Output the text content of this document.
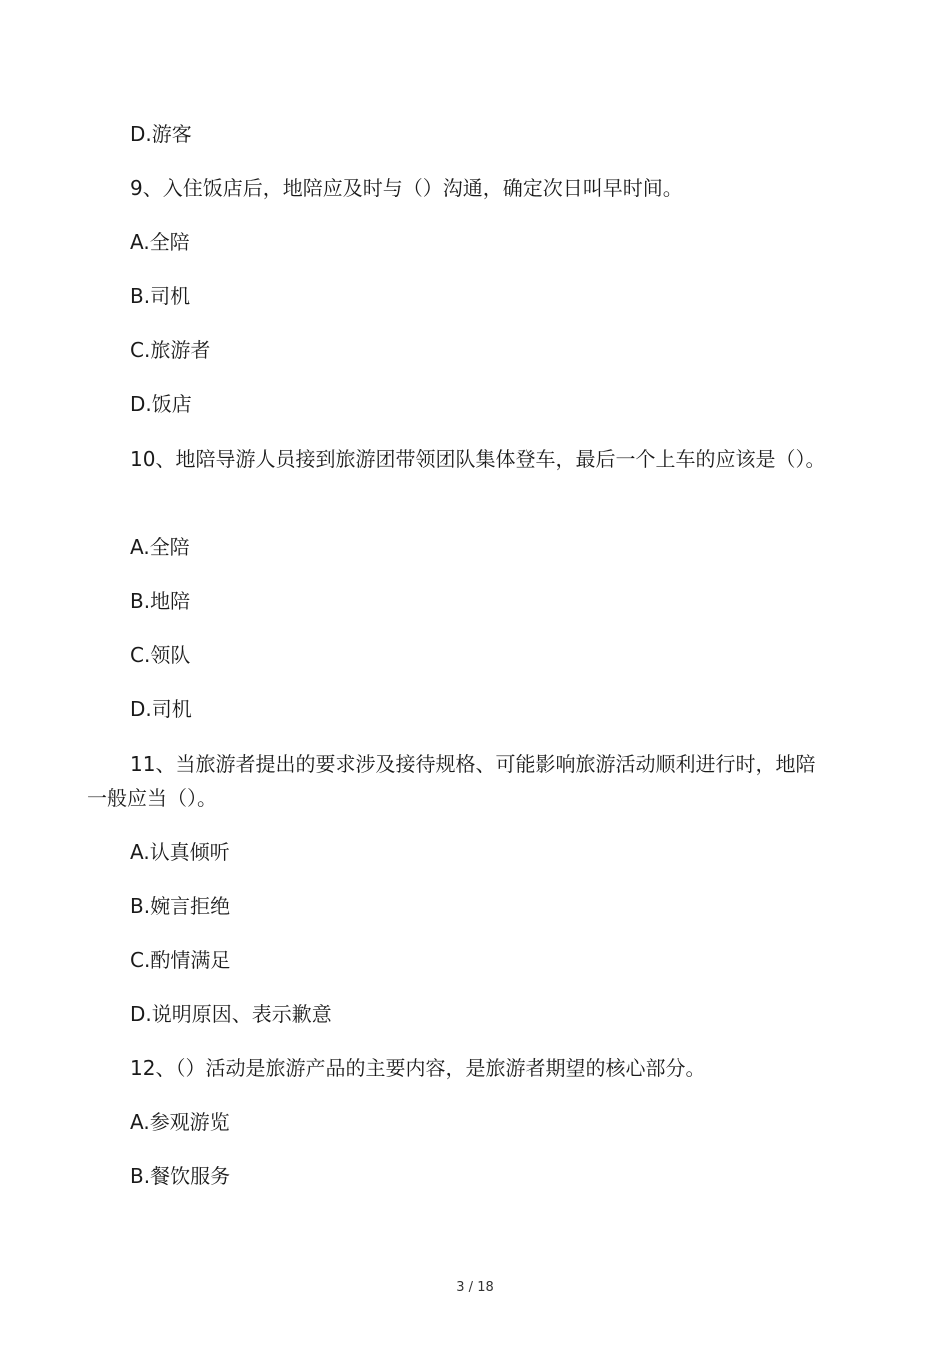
D.游客

9、入住饭店后，地陪应及时与（）沟通，确定次日叫早时间。

A.全陪

B.司机

C.旅游者

D.饭店

10、地陪导游人员接到旅游团带领团队集体登车，最后一个上车的应该是（）。

A.全陪

B.地陪

C.领队

D.司机

11、当旅游者提出的要求涉及接待规格、可能影响旅游活动顺利进行时，地陪一般应当（）。

A.认真倾听

B.婉言拒绝

C.酌情满足

D.说明原因、表示歉意

12、（）活动是旅游产品的主要内容，是旅游者期望的核心部分。

A.参观游览

B.餐饮服务

3 / 18
